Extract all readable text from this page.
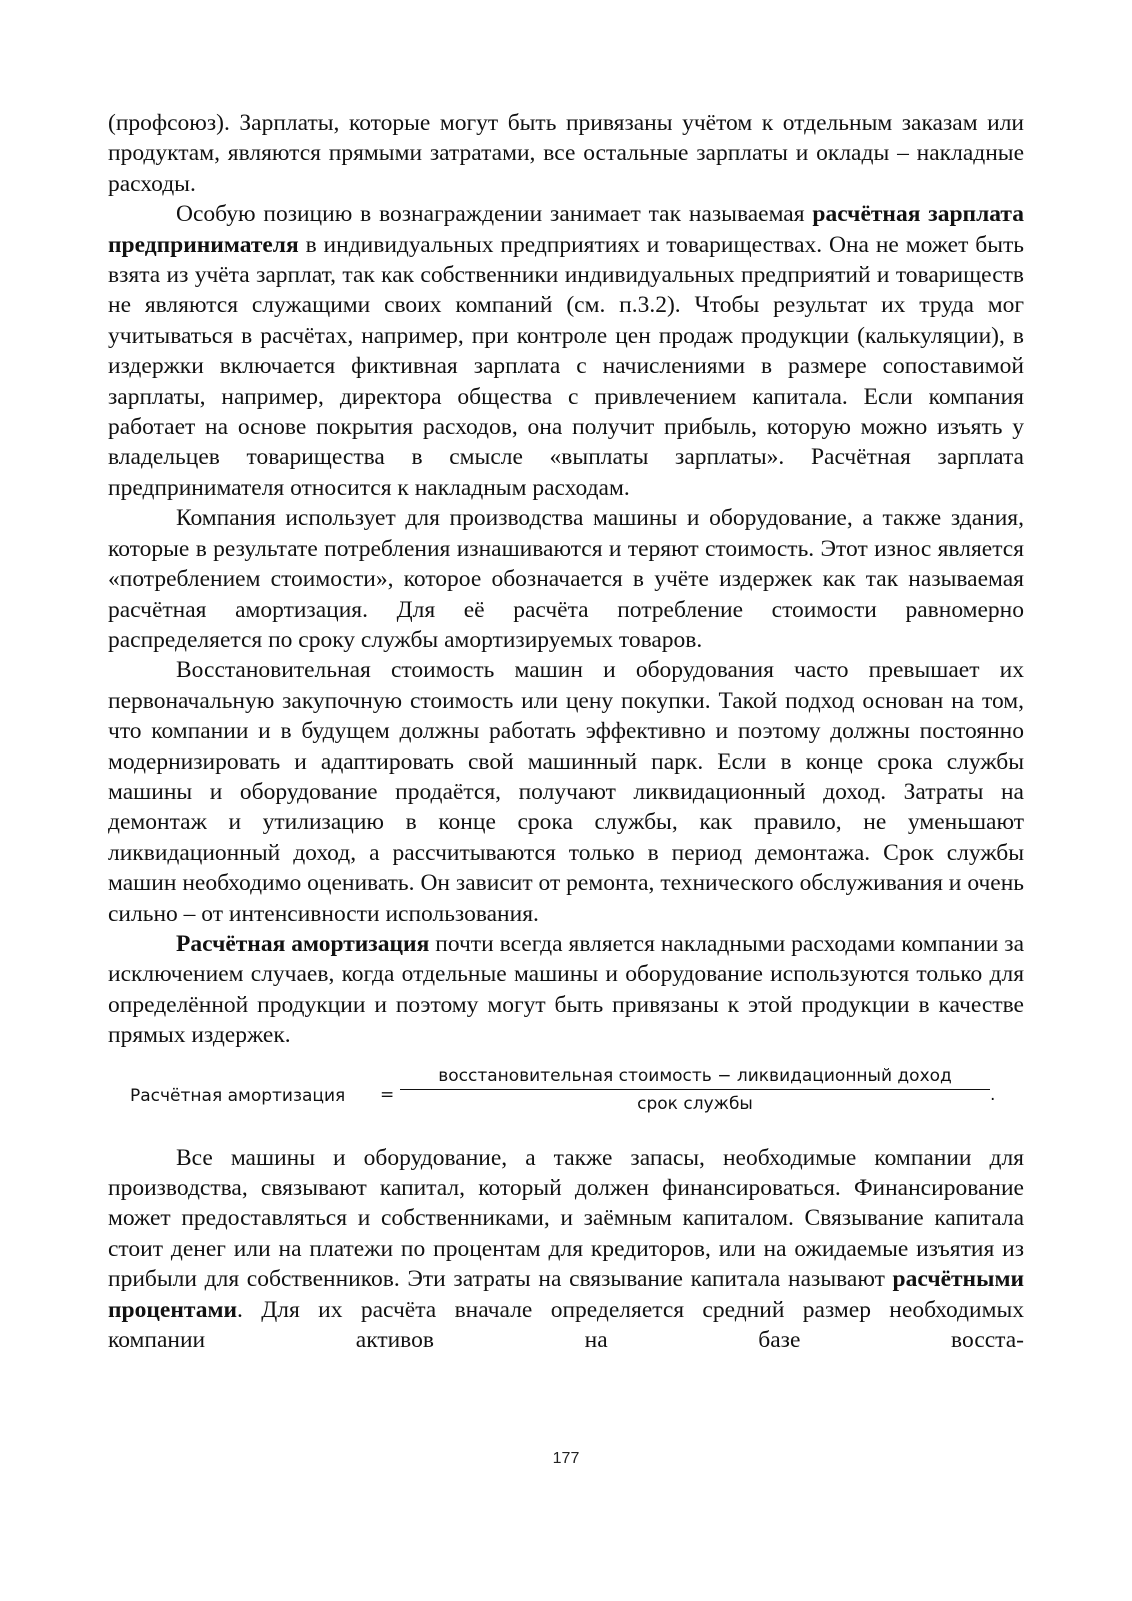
(профсоюз). Зарплаты, которые могут быть привязаны учётом к отдельным заказам или продуктам, являются прямыми затратами, все остальные зарплаты и оклады – накладные расходы.

Особую позицию в вознаграждении занимает так называемая расчётная зарплата предпринимателя в индивидуальных предприятиях и товариществах. Она не может быть взята из учёта зарплат, так как собственники индивидуальных предприятий и товариществ не являются служащими своих компаний (см. п.3.2). Чтобы результат их труда мог учитываться в расчётах, например, при контроле цен продаж продукции (калькуляции), в издержки включается фиктивная зарплата с начислениями в размере сопоставимой зарплаты, например, директора общества с привлечением капитала. Если компания работает на основе покрытия расходов, она получит прибыль, которую можно изъять у владельцев товарищества в смысле «выплаты зарплаты». Расчётная зарплата предпринимателя относится к накладным расходам.

Компания использует для производства машины и оборудование, а также здания, которые в результате потребления изнашиваются и теряют стоимость. Этот износ является «потреблением стоимости», которое обозначается в учёте издержек как так называемая расчётная амортизация. Для её расчёта потребление стоимости равномерно распределяется по сроку службы амортизируемых товаров.

Восстановительная стоимость машин и оборудования часто превышает их первоначальную закупочную стоимость или цену покупки. Такой подход основан на том, что компании и в будущем должны работать эффективно и поэтому должны постоянно модернизировать и адаптировать свой машинный парк. Если в конце срока службы машины и оборудование продаётся, получают ликвидационный доход. Затраты на демонтаж и утилизацию в конце срока службы, как правило, не уменьшают ликвидационный доход, а рассчитываются только в период демонтажа. Срок службы машин необходимо оценивать. Он зависит от ремонта, технического обслуживания и очень сильно – от интенсивности использования.

Расчётная амортизация почти всегда является накладными расходами компании за исключением случаев, когда отдельные машины и оборудование используются только для определённой продукции и поэтому могут быть привязаны к этой продукции в качестве прямых издержек.

Расчётная амортизация =
восстановительная стоимость − ликвидационный доход
срок службы	.

Все машины и оборудование, а также запасы, необходимые компании для производства, связывают капитал, который должен финансироваться. Финансирование может предоставляться и собственниками, и заёмным капиталом. Связывание капитала стоит денег или на платежи по процентам для кредиторов, или на ожидаемые изъятия из прибыли для собственников. Эти затраты на связывание капитала называют расчётными процентами. Для их расчёта вначале определяется средний размер необходимых компании активов на базе восста-

177
